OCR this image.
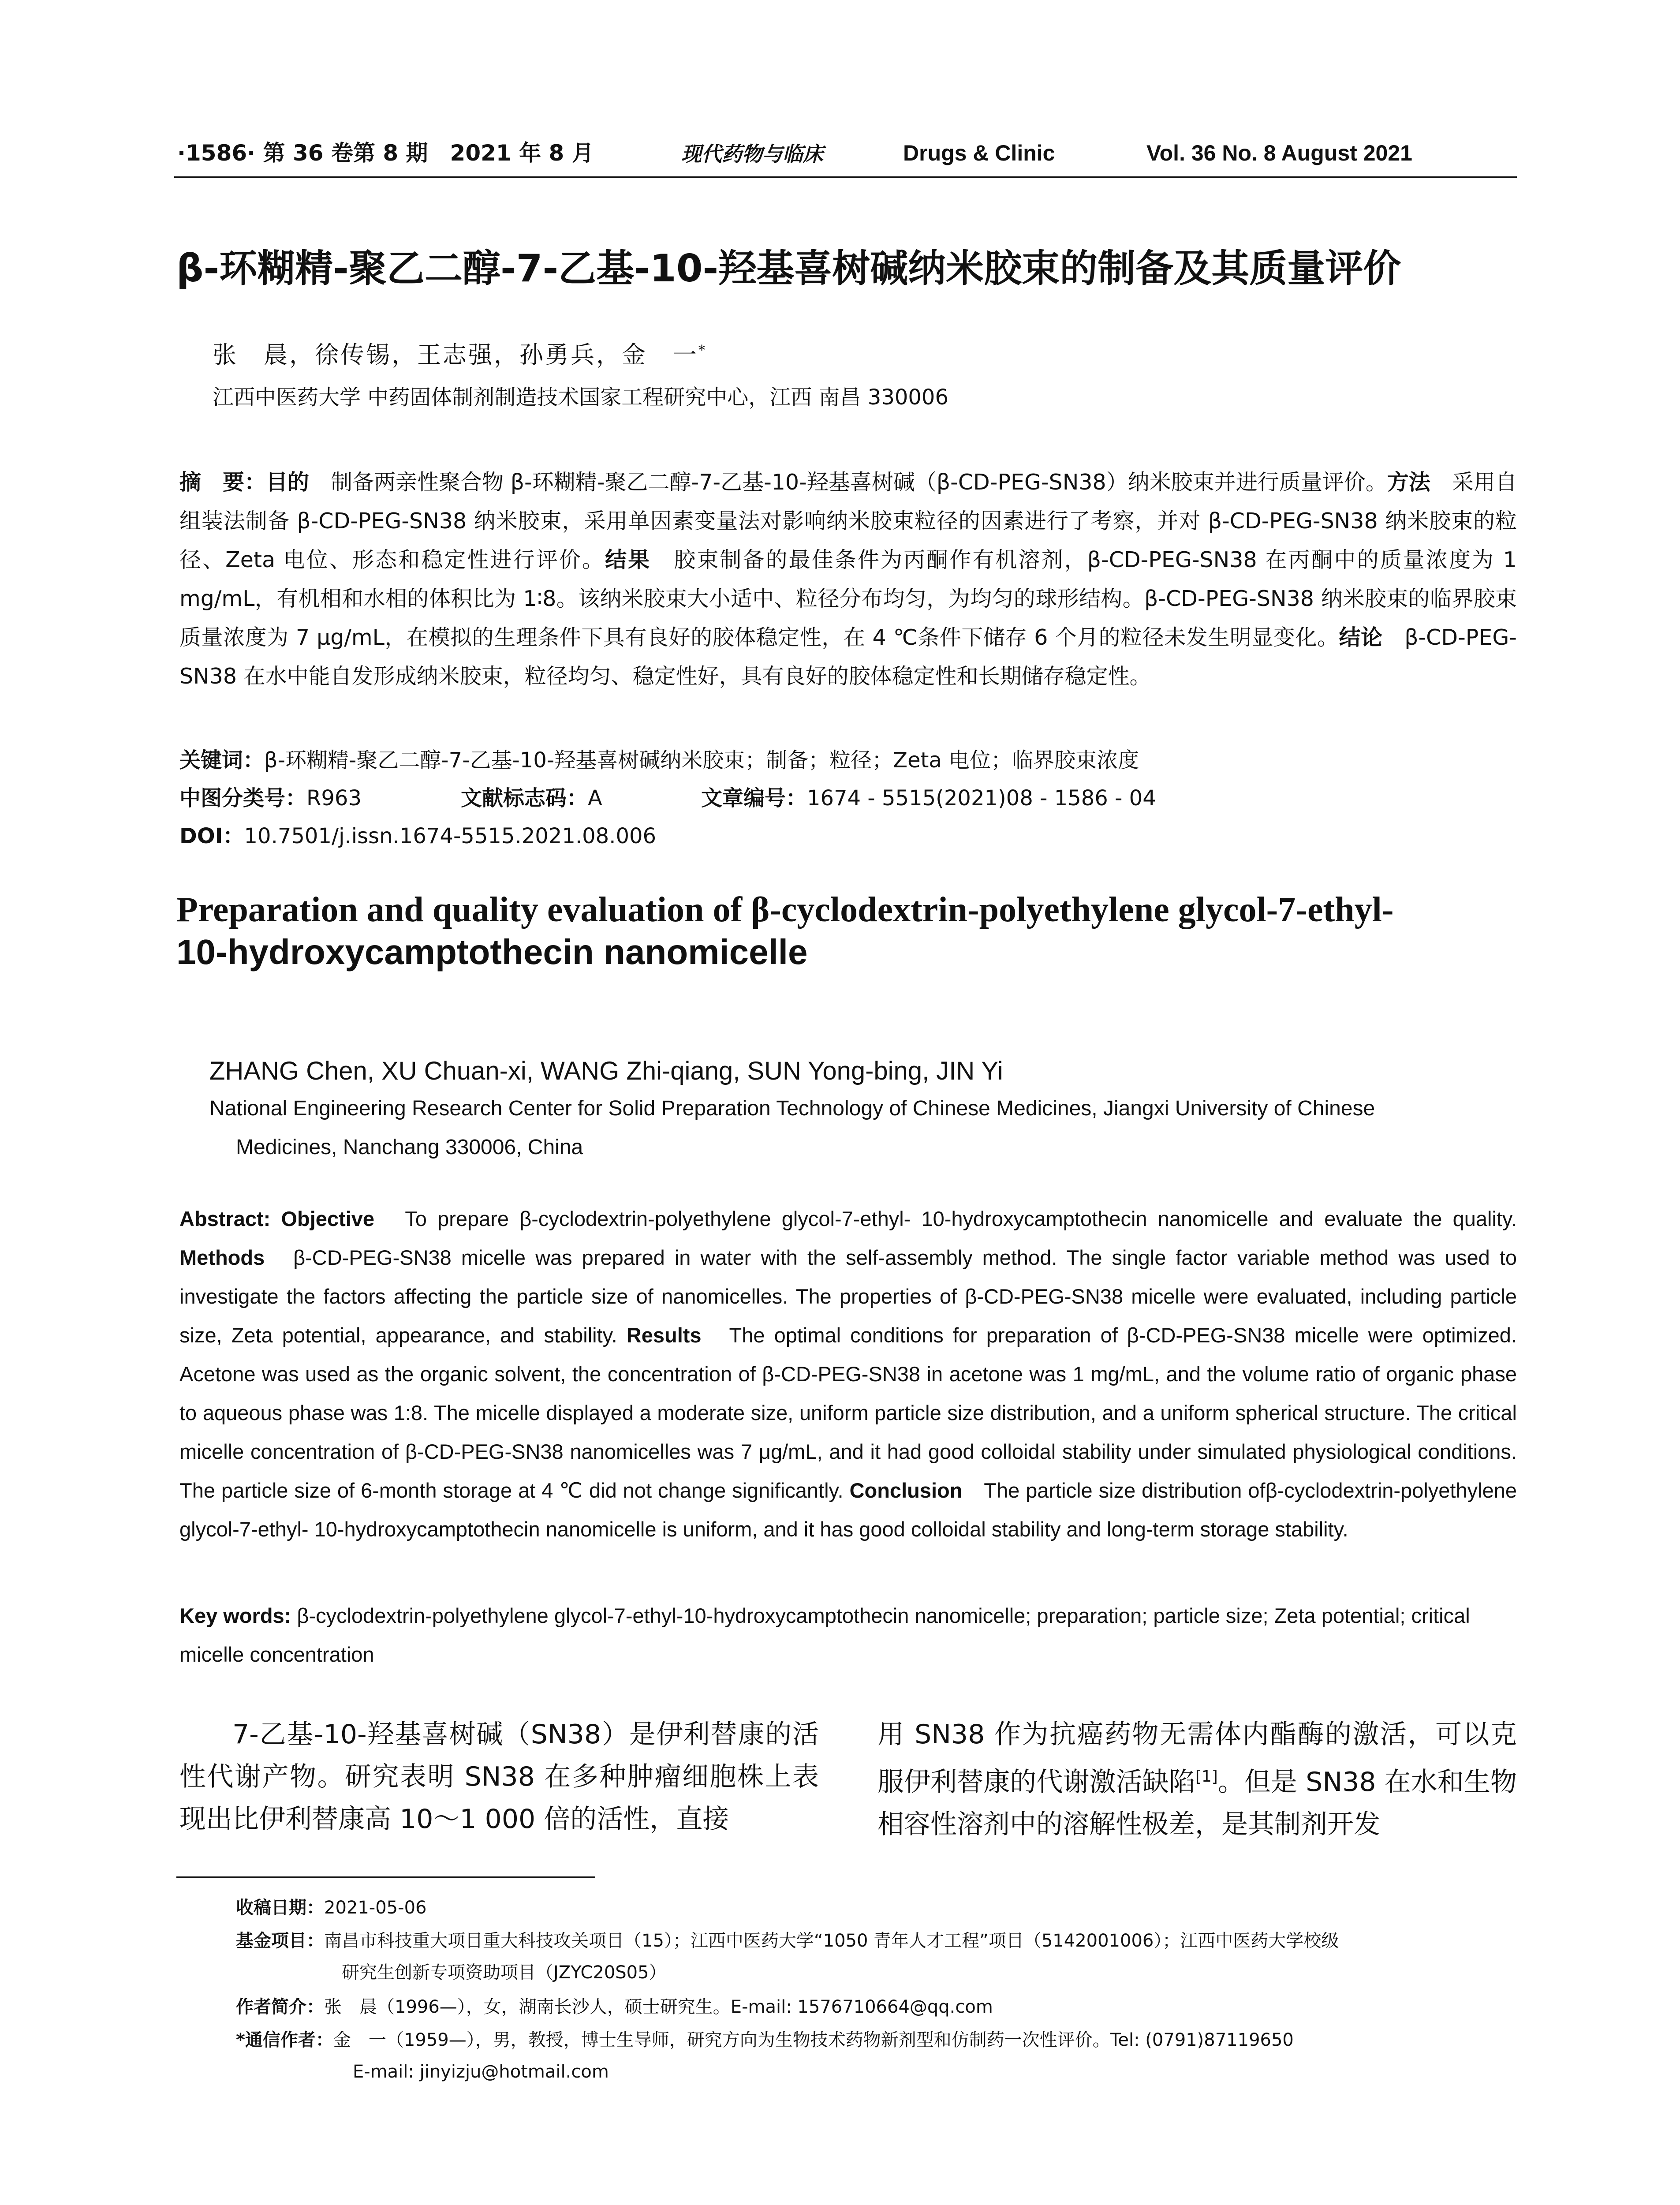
·1586· 第 36 卷第 8 期　2021 年 8 月	现代药物与临床	Drugs & Clinic	Vol. 36 No. 8 August 2021
β-环糊精-聚乙二醇-7-乙基-10-羟基喜树碱纳米胶束的制备及其质量评价
张　晨，徐传锡，王志强，孙勇兵，金　一*
江西中医药大学 中药固体制剂制造技术国家工程研究中心，江西 南昌 330006
摘　要：目的　制备两亲性聚合物 β-环糊精-聚乙二醇-7-乙基-10-羟基喜树碱（β-CD-PEG-SN38）纳米胶束并进行质量评价。方法　采用自组装法制备 β-CD-PEG-SN38 纳米胶束，采用单因素变量法对影响纳米胶束粒径的因素进行了考察，并对 β-CD-PEG-SN38 纳米胶束的粒径、Zeta 电位、形态和稳定性进行评价。结果　胶束制备的最佳条件为丙酮作有机溶剂，β-CD-PEG-SN38 在丙酮中的质量浓度为 1 mg/mL，有机相和水相的体积比为 1∶8。该纳米胶束大小适中、粒径分布均匀，为均匀的球形结构。β-CD-PEG-SN38 纳米胶束的临界胶束质量浓度为 7 μg/mL，在模拟的生理条件下具有良好的胶体稳定性，在 4 ℃条件下储存 6 个月的粒径未发生明显变化。结论　β-CD-PEG-SN38 在水中能自发形成纳米胶束，粒径均匀、稳定性好，具有良好的胶体稳定性和长期储存稳定性。
关键词：β-环糊精-聚乙二醇-7-乙基-10-羟基喜树碱纳米胶束；制备；粒径；Zeta 电位；临界胶束浓度
中图分类号：R963	文献标志码：A	文章编号：1674 - 5515(2021)08 - 1586 - 04
DOI：10.7501/j.issn.1674-5515.2021.08.006
Preparation and quality evaluation of β-cyclodextrin-polyethylene glycol-7-ethyl-
10-hydroxycamptothecin nanomicelle
ZHANG Chen, XU Chuan-xi, WANG Zhi-qiang, SUN Yong-bing, JIN Yi
National Engineering Research Center for Solid Preparation Technology of Chinese Medicines, Jiangxi University of Chinese
Medicines, Nanchang 330006, China
Abstract: Objective　To prepare β-cyclodextrin-polyethylene glycol-7-ethyl- 10-hydroxycamptothecin nanomicelle and evaluate the quality. Methods　β-CD-PEG-SN38 micelle was prepared in water with the self-assembly method. The single factor variable method was used to investigate the factors affecting the particle size of nanomicelles. The properties of β-CD-PEG-SN38 micelle were evaluated, including particle size, Zeta potential, appearance, and stability. Results　The optimal conditions for preparation of β-CD-PEG-SN38 micelle were optimized. Acetone was used as the organic solvent, the concentration of β-CD-PEG-SN38 in acetone was 1 mg/mL, and the volume ratio of organic phase to aqueous phase was 1:8. The micelle displayed a moderate size, uniform particle size distribution, and a uniform spherical structure. The critical micelle concentration of β-CD-PEG-SN38 nanomicelles was 7 μg/mL, and it had good colloidal stability under simulated physiological conditions. The particle size of 6-month storage at 4 ℃ did not change significantly. Conclusion　The particle size distribution ofβ-cyclodextrin-polyethylene glycol-7-ethyl- 10-hydroxycamptothecin nanomicelle is uniform, and it has good colloidal stability and long-term storage stability.
Key words: β-cyclodextrin-polyethylene glycol-7-ethyl-10-hydroxycamptothecin nanomicelle; preparation; particle size; Zeta potential; critical micelle concentration
7-乙基-10-羟基喜树碱（SN38）是伊利替康的活性代谢产物。研究表明 SN38 在多种肿瘤细胞株上表现出比伊利替康高 10～1 000 倍的活性，直接
用 SN38 作为抗癌药物无需体内酯酶的激活，可以克服伊利替康的代谢激活缺陷[1]。但是 SN38 在水和生物相容性溶剂中的溶解性极差，是其制剂开发
收稿日期：2021-05-06
基金项目：南昌市科技重大项目重大科技攻关项目（15）；江西中医药大学“1050 青年人才工程”项目（5142001006）；江西中医药大学校级
研究生创新专项资助项目（JZYC20S05）
作者简介：张　晨（1996—），女，湖南长沙人，硕士研究生。E-mail: 1576710664@qq.com
*通信作者：金　一（1959—），男，教授，博士生导师，研究方向为生物技术药物新剂型和仿制药一次性评价。Tel: (0791)87119650
E-mail: jinyizju@hotmail.com
